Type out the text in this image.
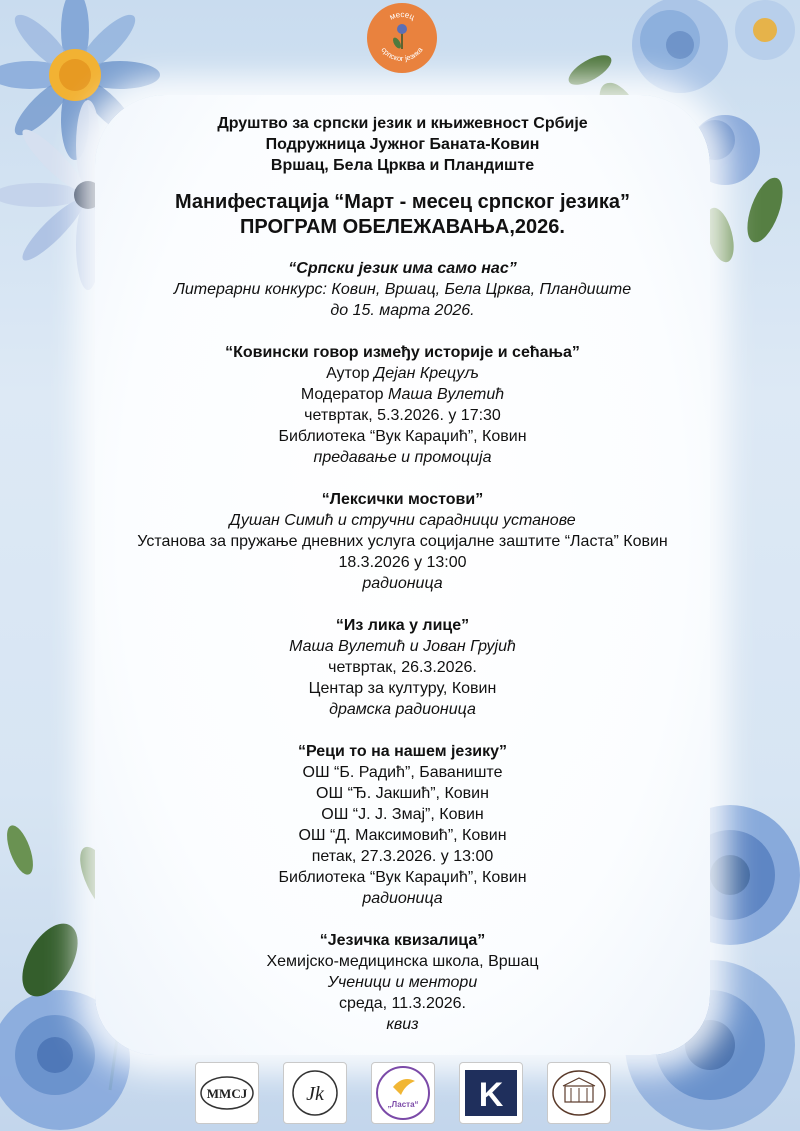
месец
српског језика
Друштво за српски језик и књижевност Србије
Подружница Јужног Баната-Ковин
Вршац, Бела Црква и Пландиште
Манифестација “Март - месец српског језика”
ПРОГРАМ ОБЕЛЕЖАВАЊА,2026.
“Српски језик има само нас”
Литерарни конкурс: Ковин, Вршац, Бела Црква, Пландиште
до 15. марта 2026.
“Ковински говор између историје и сећања”
Аутор Дејан Крецуљ
Модератор Маша Вулетић
четвртак, 5.3.2026. у 17:30
Библиотека “Вук Караџић”, Ковин
предавање и промоција
“Лексички мостови”
Душан Симић и стручни сарадници установе
Установа за пружање дневних услуга социјалне заштите “Ласта” Ковин
18.3.2026 у 13:00
радионица
“Из лика у лице”
Маша Вулетић и Јован Грујић
четвртак, 26.3.2026.
Центар за културу, Ковин
драмска радионица
“Реци то на нашем језику”
ОШ “Б. Радић”, Баваниште
ОШ “Ђ. Јакшић”, Ковин
ОШ “J. J. Змај”, Ковин
ОШ “Д. Максимовић”, Ковин
петак, 27.3.2026. у 13:00
Библиотека “Вук Караџић”, Ковин
радионица
“Језичка квизалица”
Хемијско-медицинска школа, Вршац
Ученици и ментори
среда, 11.3.2026.
квиз
ММСЈ	Jk	„Ласта“ K
